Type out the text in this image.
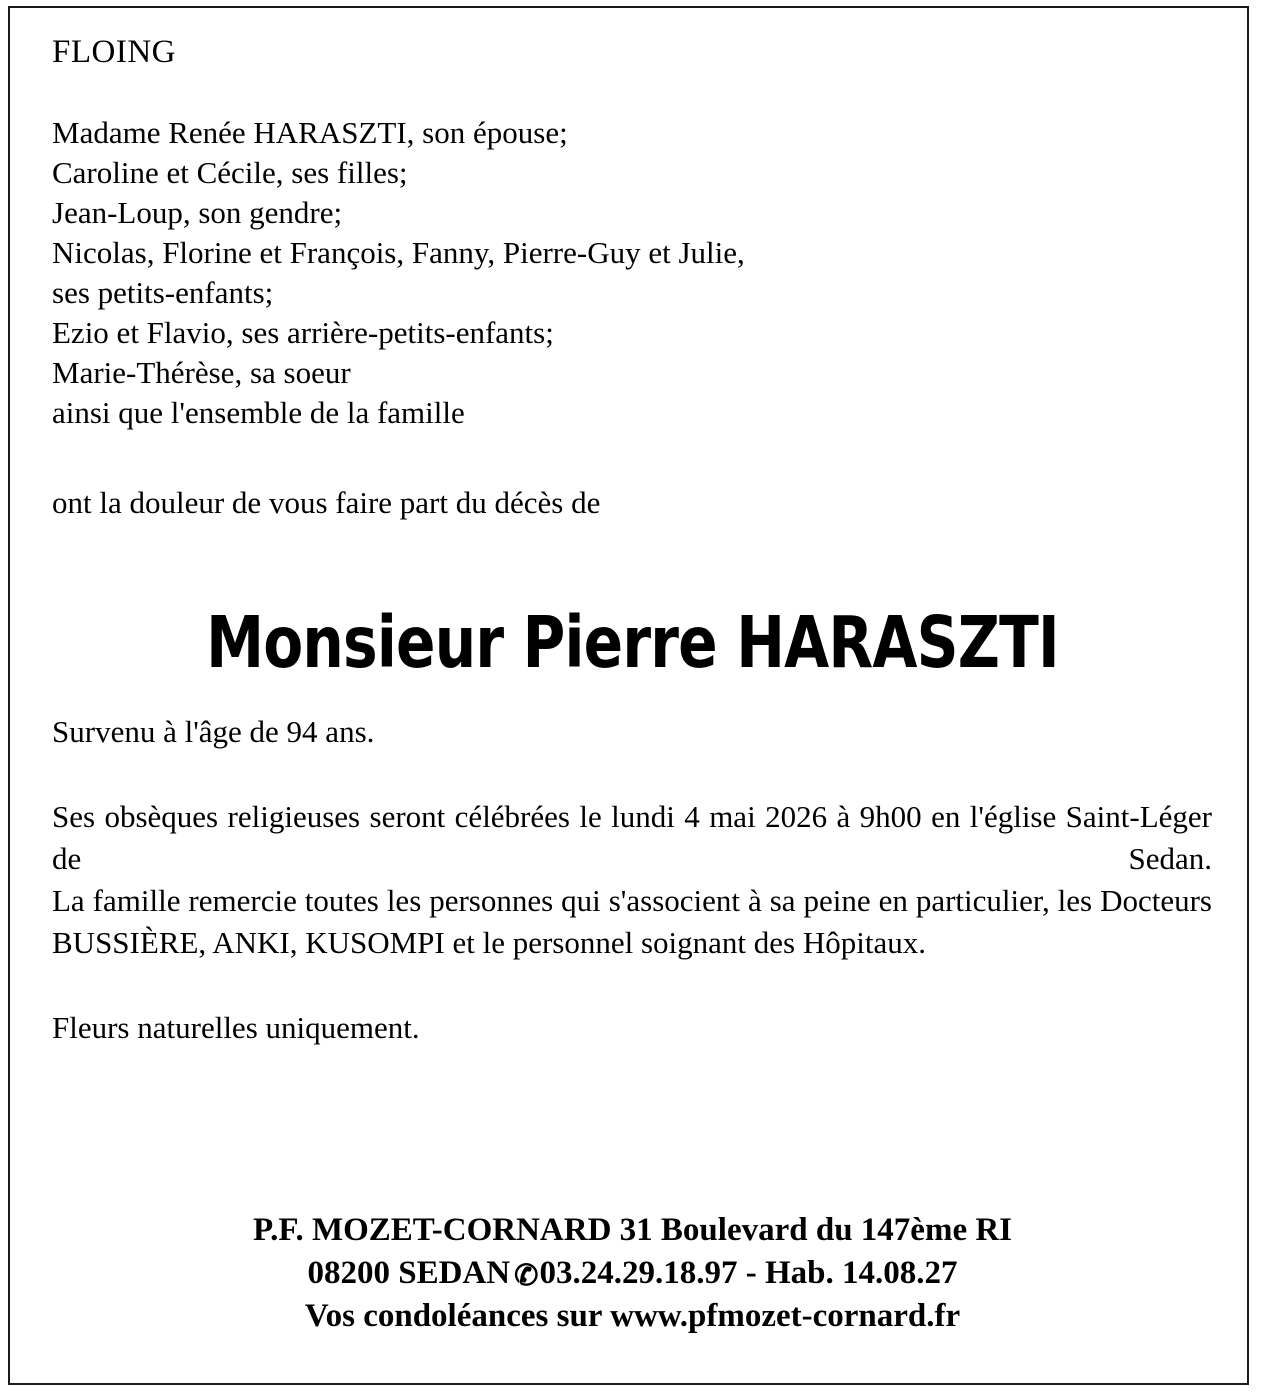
FLOING
Madame Renée HARASZTI, son épouse;
Caroline et Cécile, ses filles;
Jean-Loup, son gendre;
Nicolas, Florine et François, Fanny, Pierre-Guy et Julie,
ses petits-enfants;
Ezio et Flavio, ses arrière-petits-enfants;
Marie-Thérèse, sa soeur
ainsi que l'ensemble de la famille
ont la douleur de vous faire part du décès de
Monsieur Pierre HARASZTI
Survenu à l'âge de 94 ans.

Ses obsèques religieuses seront célébrées le lundi 4 mai 2026 à 9h00 en l'église Saint-Léger de Sedan.

La famille remercie toutes les personnes qui s'associent à sa peine en particulier, les Docteurs BUSSIÈRE, ANKI, KUSOMPI et le personnel soignant des Hôpitaux.

Fleurs naturelles uniquement.
P.F. MOZET-CORNARD 31 Boulevard du 147ème RI
08200 SEDAN ✆03.24.29.18.97 - Hab. 14.08.27
Vos condoléances sur www.pfmozet-cornard.fr
